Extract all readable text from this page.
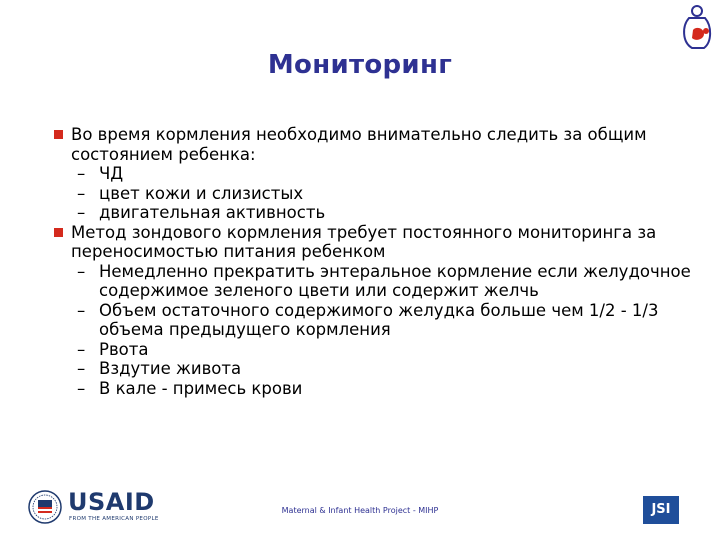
Мониторинг
Во время кормления необходимо внимательно следить за общим состоянием ребенка:
– ЧД
– цвет кожи и слизистых
– двигательная активность
Метод зондового кормления требует постоянного мониторинга за переносимостью питания ребенком
– Немедленно прекратить энтеральное кормление если желудочное содержимое зеленого цвети или содержит желчь
– Объем остаточного содержимого желудка больше чем 1/2 - 1/3 объема предыдущего кормления
– Рвота
– Вздутие живота
– В кале - примесь крови
USAID
FROM THE AMERICAN PEOPLE
Maternal & Infant Health Project - MIHP	JSI
